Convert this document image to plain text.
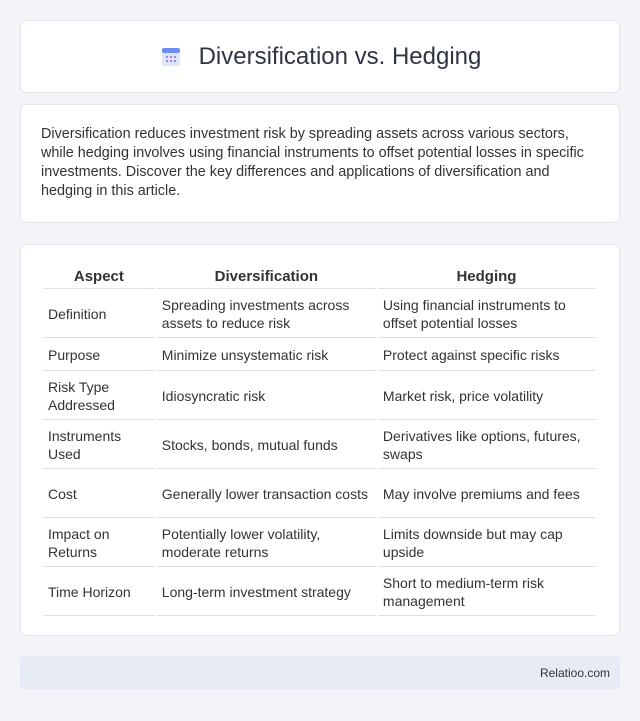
Diversification vs. Hedging

Diversification reduces investment risk by spreading assets across various sectors, while hedging involves using financial instruments to offset potential losses in specific investments. Discover the key differences and applications of diversification and hedging in this article.

Aspect	Diversification	Hedging
Definition	Spreading investments across assets to reduce risk	Using financial instruments to offset potential losses
Purpose	Minimize unsystematic risk	Protect against specific risks
Risk Type Addressed	Idiosyncratic risk	Market risk, price volatility
Instruments Used	Stocks, bonds, mutual funds	Derivatives like options, futures, swaps
Cost	Generally lower transaction costs	May involve premiums and fees
Impact on Returns	Potentially lower volatility, moderate returns	Limits downside but may cap upside
Time Horizon	Long-term investment strategy	Short to medium-term risk management
Relatioo.com
